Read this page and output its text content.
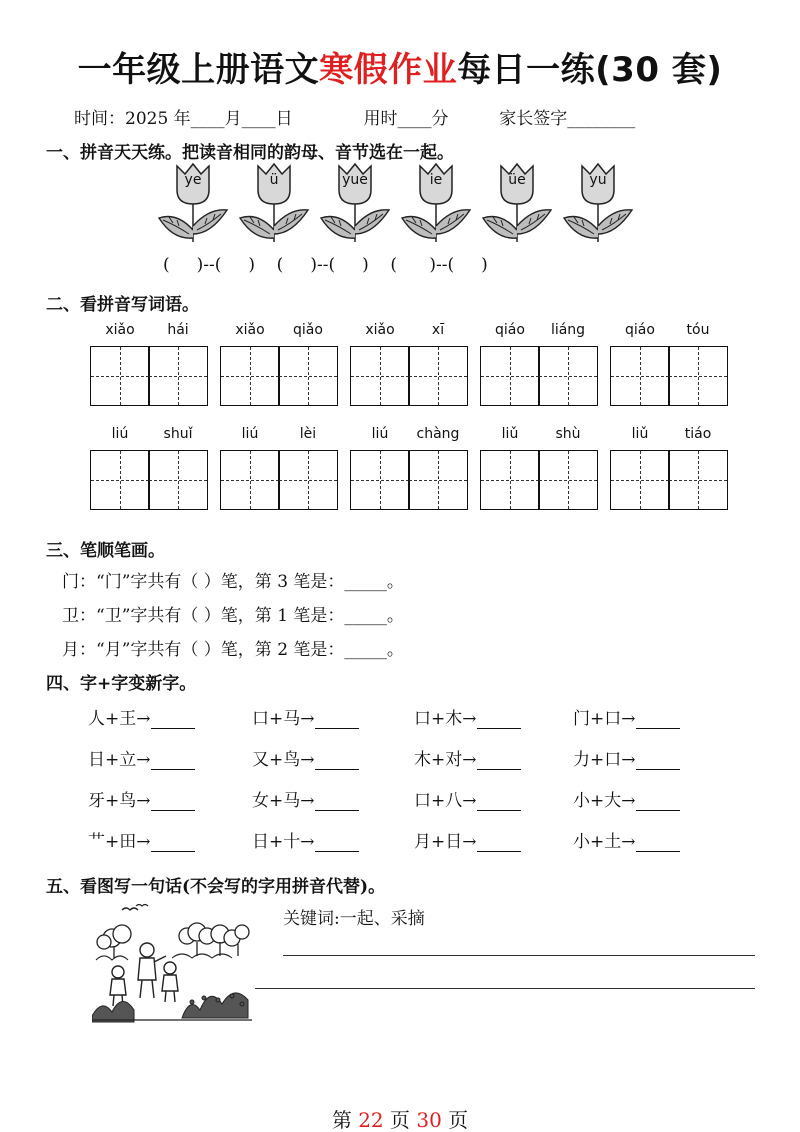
一年级上册语文寒假作业每日一练(30 套)
时间：2025 年____月____日	用时____分	家长签字________
一、拼音天天练。把读音相同的韵母、音节选在一起。
ye	ü	yue	ie	üe	yu
(     )--(     )    (     )--(     )    (      )--(     )
二、看拼音写词语。
xiǎo	hái	xiǎo	qiǎo	xiǎo	xī	qiáo	liáng	qiáo	tóu
liú	shuǐ	liú	lèi	liú	chàng	liǔ	shù	liǔ	tiáo
三、笔顺笔画。
门：“门”字共有（ ）笔，第 3 笔是：_____。
卫：“卫”字共有（ ）笔，第 1 笔是：_____。
月：“月”字共有（ ）笔，第 2 笔是：_____。
四、字+字变新字。
人+王→	口+马→	口+木→	门+口→
日+立→	又+鸟→	木+对→	力+口→
牙+鸟→	女+马→	口+八→	小+大→
艹+田→	日+十→	月+日→	小+土→
五、看图写一句话(不会写的字用拼音代替)。
关键词:一起、采摘
第 22 页 30 页
